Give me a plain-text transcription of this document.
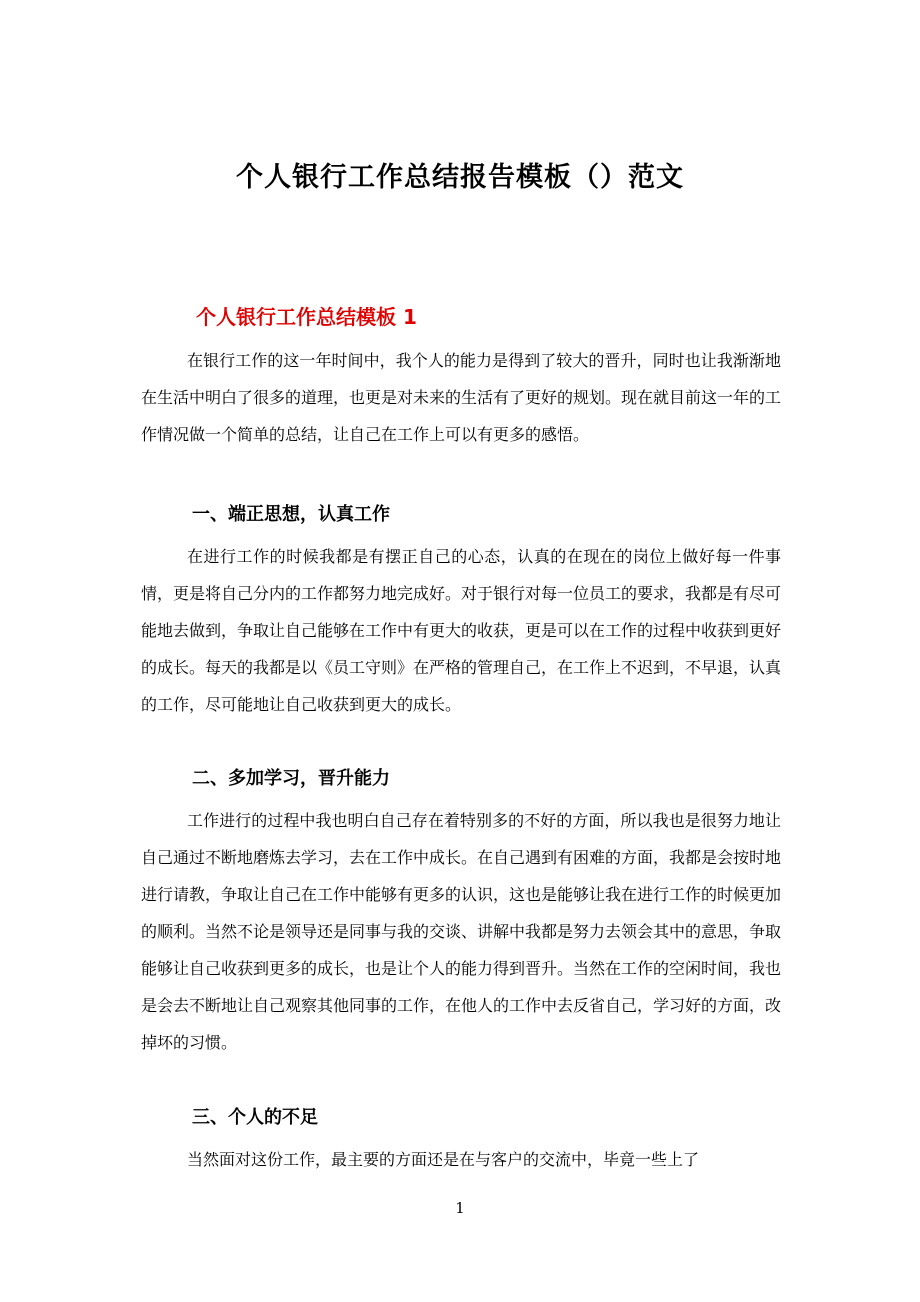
个人银行工作总结报告模板（）范文
个人银行工作总结模板 1

在银行工作的这一年时间中，我个人的能力是得到了较大的晋升，同时也让我渐渐地在生活中明白了很多的道理，也更是对未来的生活有了更好的规划。现在就目前这一年的工作情况做一个简单的总结，让自己在工作上可以有更多的感悟。

一、端正思想，认真工作

在进行工作的时候我都是有摆正自己的心态，认真的在现在的岗位上做好每一件事情，更是将自己分内的工作都努力地完成好。对于银行对每一位员工的要求，我都是有尽可能地去做到，争取让自己能够在工作中有更大的收获，更是可以在工作的过程中收获到更好的成长。每天的我都是以《员工守则》在严格的管理自己，在工作上不迟到，不早退，认真的工作，尽可能地让自己收获到更大的成长。

二、多加学习，晋升能力

工作进行的过程中我也明白自己存在着特别多的不好的方面，所以我也是很努力地让自己通过不断地磨炼去学习，去在工作中成长。在自己遇到有困难的方面，我都是会按时地进行请教，争取让自己在工作中能够有更多的认识，这也是能够让我在进行工作的时候更加的顺利。当然不论是领导还是同事与我的交谈、讲解中我都是努力去领会其中的意思，争取能够让自己收获到更多的成长，也是让个人的能力得到晋升。当然在工作的空闲时间，我也是会去不断地让自己观察其他同事的工作，在他人的工作中去反省自己，学习好的方面，改掉坏的习惯。

三、个人的不足

当然面对这份工作，最主要的方面还是在与客户的交流中，毕竟一些上了

1
